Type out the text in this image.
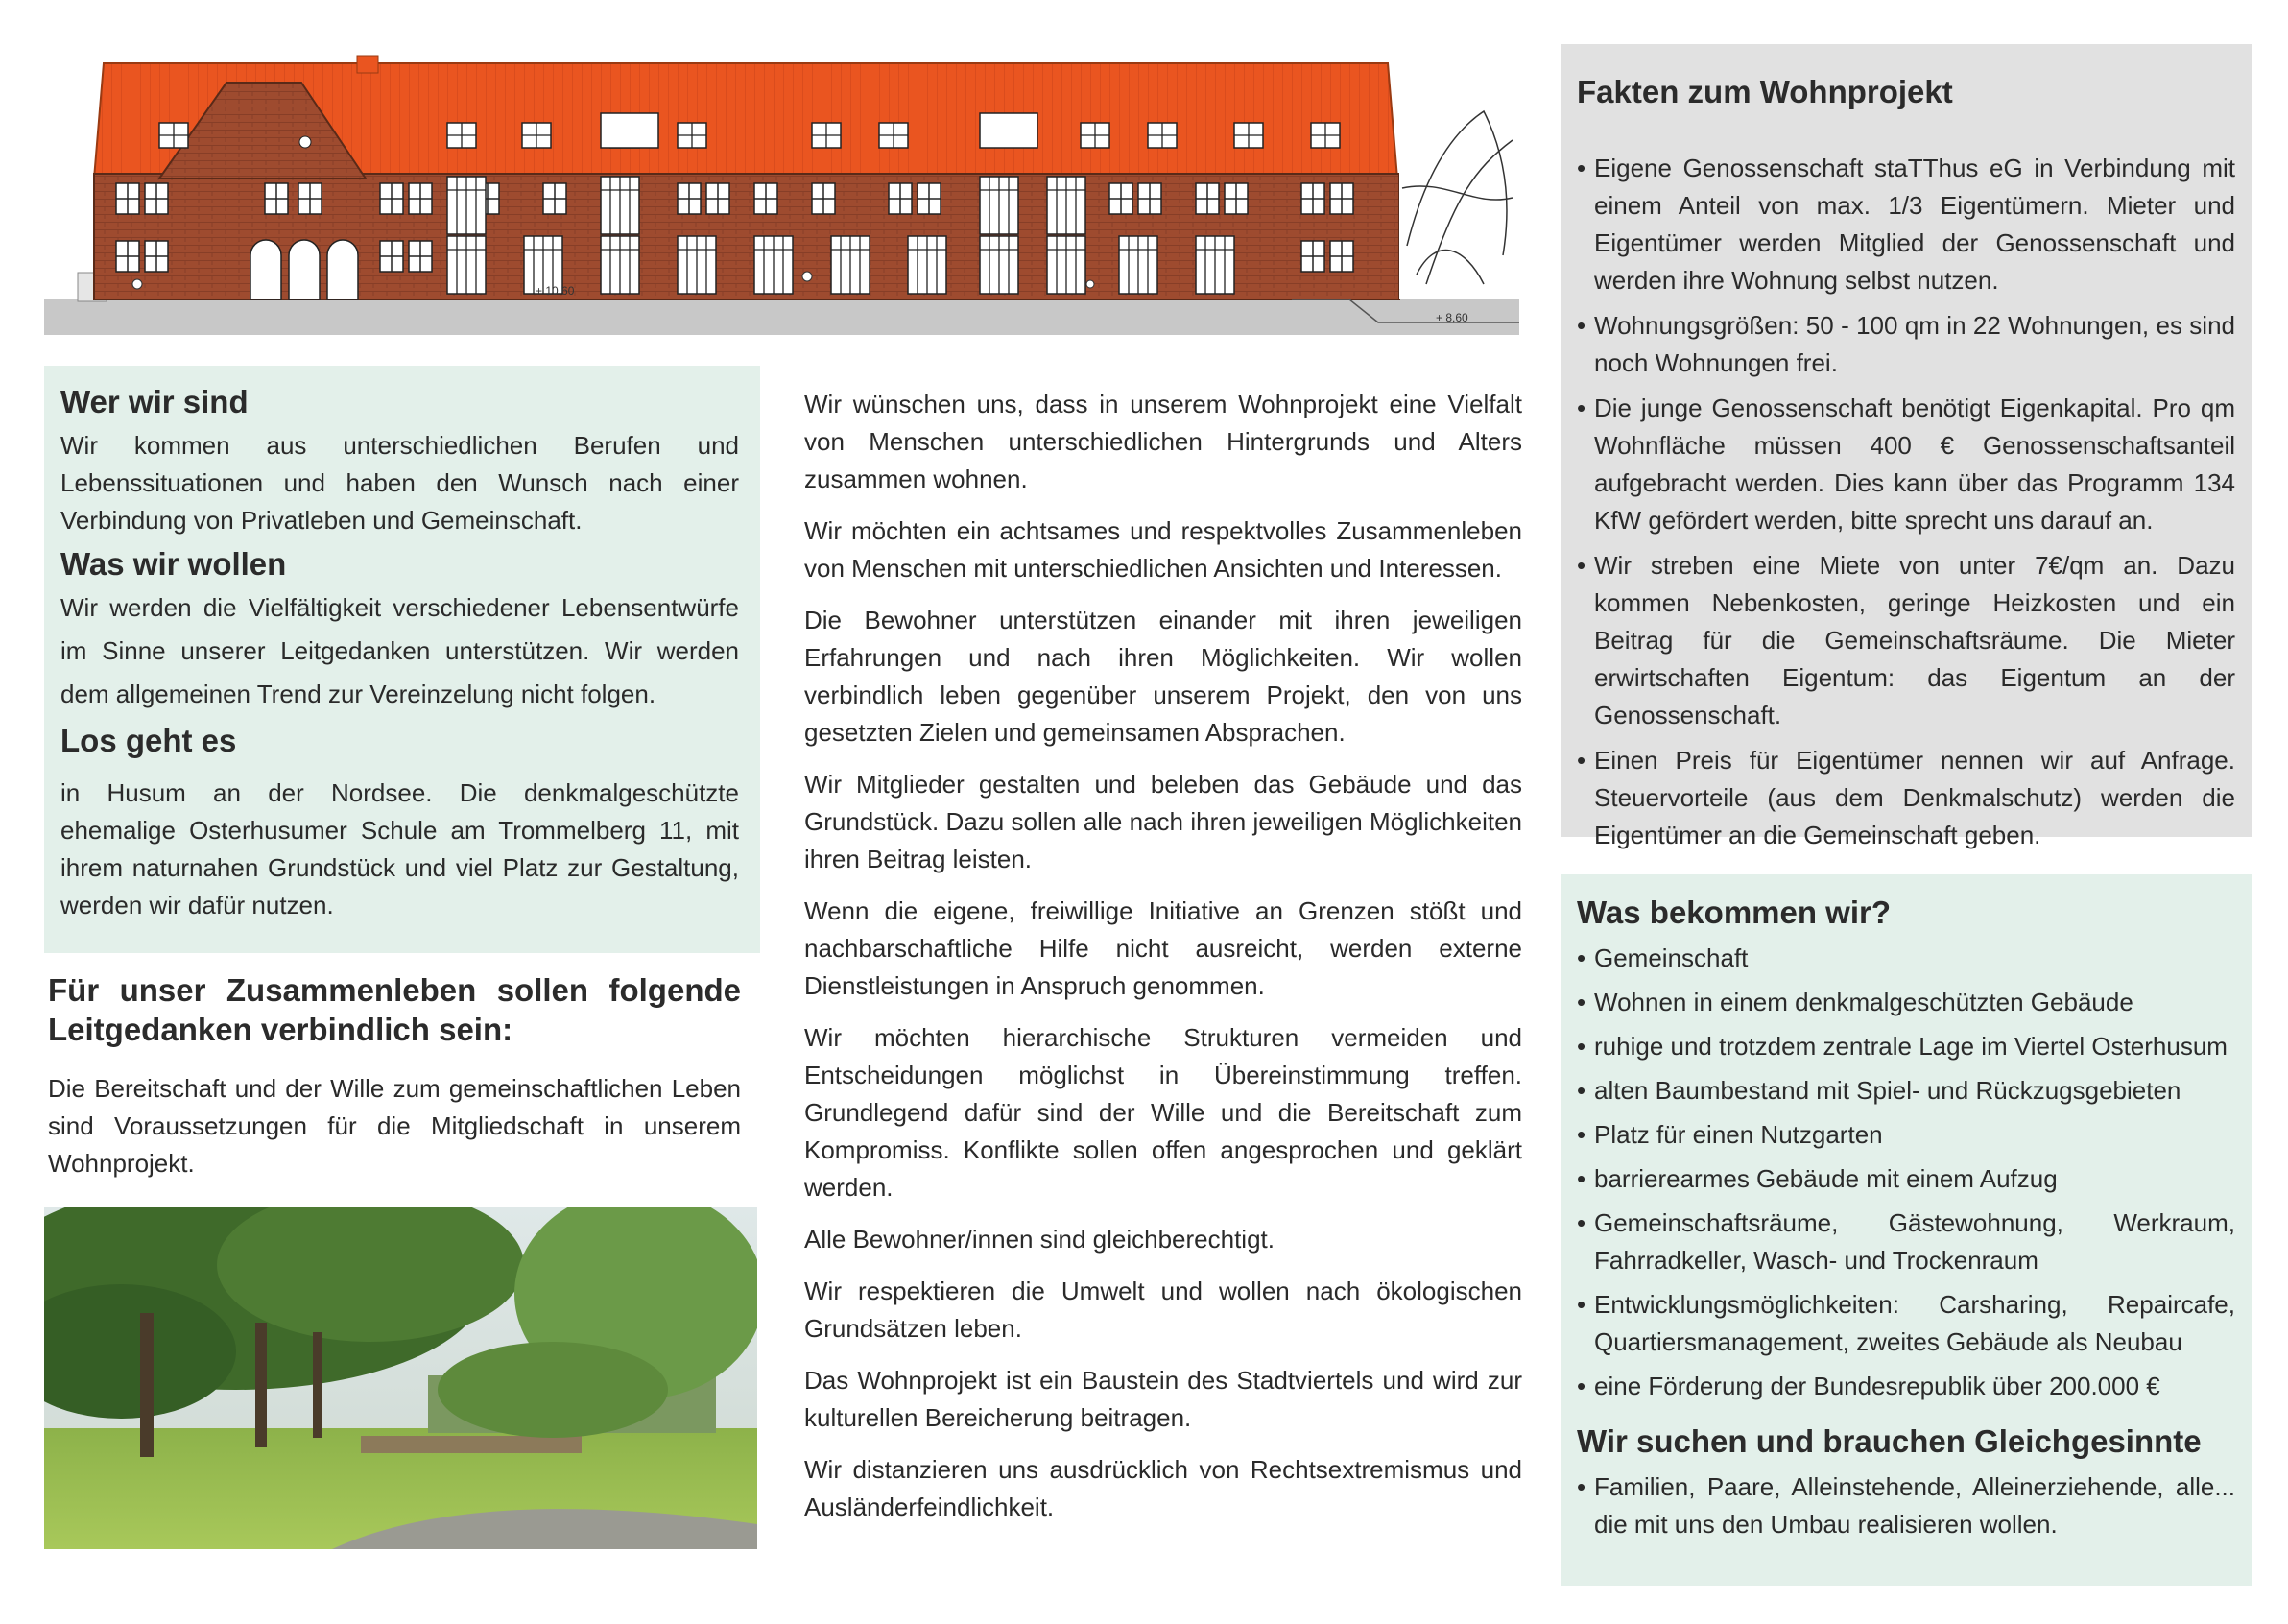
+ 10,60
+ 8,60
Wer wir sind

Wir kommen aus unterschiedlichen Berufen und Lebenssituationen und haben den Wunsch nach einer Verbindung von Privatleben und Gemeinschaft.

Was wir wollen

Wir werden die Vielfältigkeit verschiedener Lebensentwürfe im Sinne unserer Leitgedanken unterstützen. Wir werden dem allgemeinen Trend zur Vereinzelung nicht folgen.

Los geht es

in Husum an der Nordsee. Die denkmalgeschützte ehemalige Osterhusumer Schule am Trommelberg 11, mit ihrem naturnahen Grundstück und viel Platz zur Gestaltung, werden wir dafür nutzen.

Für unser Zusammenleben sollen folgende Leitgedanken verbindlich sein:

Die Bereitschaft und der Wille zum gemeinschaftlichen Leben sind Voraussetzungen für die Mitgliedschaft in unserem Wohnprojekt.

Wir wünschen uns, dass in unserem Wohnprojekt eine Vielfalt von Menschen unterschiedlichen Hintergrunds und Alters zusammen wohnen.

Wir möchten ein achtsames und respektvolles Zusammenleben von Menschen mit unterschiedlichen Ansichten und Interessen.

Die Bewohner unterstützen einander mit ihren jeweiligen Erfahrungen und nach ihren Möglichkeiten. Wir wollen verbindlich leben gegenüber unserem Projekt, den von uns gesetzten Zielen und gemeinsamen Absprachen.

Wir Mitglieder gestalten und beleben das Gebäude und das Grundstück. Dazu sollen alle nach ihren jeweiligen Möglichkeiten ihren Beitrag leisten.

Wenn die eigene, freiwillige Initiative an Grenzen stößt und nachbarschaftliche Hilfe nicht ausreicht, werden externe Dienstleistungen in Anspruch genommen.

Wir möchten hierarchische Strukturen vermeiden und Entscheidungen möglichst in Übereinstimmung treffen. Grundlegend dafür sind der Wille und die Bereitschaft zum Kompromiss. Konflikte sollen offen angesprochen und geklärt werden.

Alle Bewohner/innen sind gleichberechtigt.

Wir respektieren die Umwelt und wollen nach ökologischen Grundsätzen leben.

Das Wohnprojekt ist ein Baustein des Stadtviertels und wird zur kulturellen Bereicherung beitragen.

Wir distanzieren uns ausdrücklich von Rechtsextremismus und Ausländerfeindlichkeit.

Fakten zum Wohnprojekt
• Eigene Genossenschaft staTThus eG in Verbindung mit einem Anteil von max. 1/3 Eigentümern. Mieter und Eigentümer werden Mitglied der Genossenschaft und werden ihre Wohnung selbst nutzen.
• Wohnungsgrößen: 50 - 100 qm in 22 Wohnungen, es sind noch Wohnungen frei.
• Die junge Genossenschaft benötigt Eigenkapital. Pro qm Wohnfläche müssen 400 € Genossenschaftsanteil aufgebracht werden. Dies kann über das Programm 134 KfW gefördert werden, bitte sprecht uns darauf an.
• Wir streben eine Miete von unter 7€/qm an. Dazu kommen Nebenkosten, geringe Heizkosten und ein Beitrag für die Gemeinschaftsräume. Die Mieter erwirtschaften Eigentum: das Eigentum an der Genossenschaft.
• Einen Preis für Eigentümer nennen wir auf Anfrage. Steuervorteile (aus dem Denkmalschutz) werden die Eigentümer an die Gemeinschaft geben.
Was bekommen wir?
• Gemeinschaft
• Wohnen in einem denkmalgeschützten Gebäude
• ruhige und trotzdem zentrale Lage im Viertel Osterhusum
• alten Baumbestand mit Spiel- und Rückzugsgebieten
• Platz für einen Nutzgarten
• barrierearmes Gebäude mit einem Aufzug
• Gemeinschaftsräume, Gästewohnung, Werkraum, Fahrradkeller, Wasch- und Trockenraum
• Entwicklungsmöglichkeiten: Carsharing, Repaircafe, Quartiersmanagement, zweites Gebäude als Neubau
• eine Förderung der Bundesrepublik über 200.000 €
Wir suchen und brauchen Gleichgesinnte
• Familien, Paare, Alleinstehende, Alleinerziehende, alle... die mit uns den Umbau realisieren wollen.
